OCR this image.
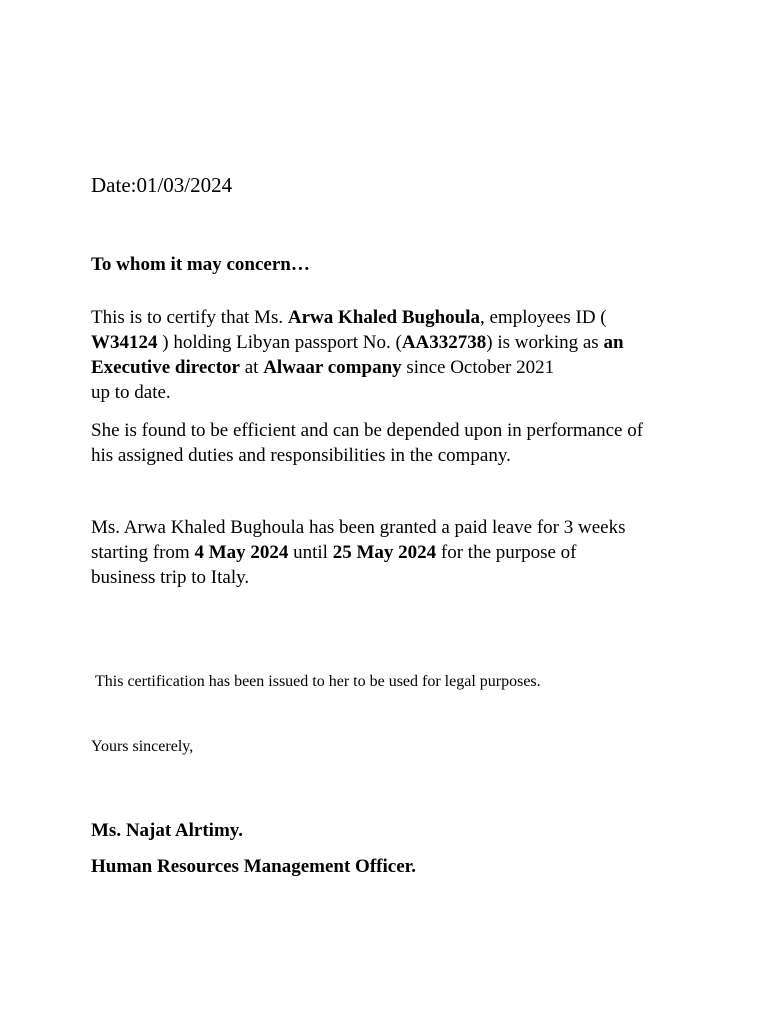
Date:01/03/2024
To whom it may concern…
This is to certify that Ms. Arwa Khaled Bughoula, employees ID (
W34124 ) holding Libyan passport No. (AA332738) is working as an
Executive director at Alwaar company since October 2021
up to date.
She is found to be efficient and can be depended upon in performance of
his assigned duties and responsibilities in the company.
Ms. Arwa Khaled Bughoula has been granted a paid leave for 3 weeks
starting from 4 May 2024 until 25 May 2024 for the purpose of
business trip to Italy.
This certification has been issued to her to be used for legal purposes.
Yours sincerely,
Ms. Najat Alrtimy.
Human Resources Management Officer.
